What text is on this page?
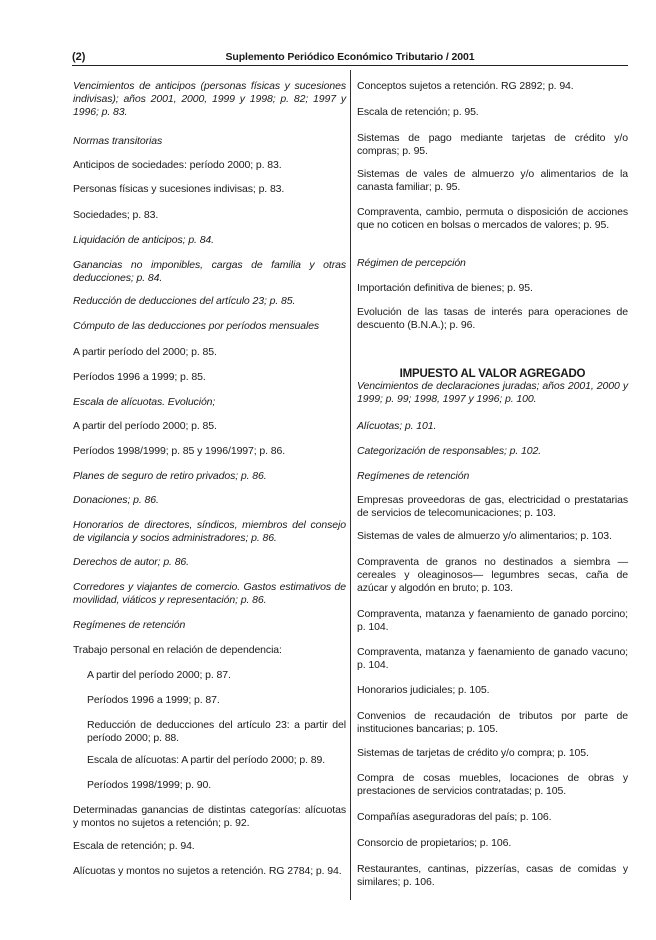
(2)	Suplemento Periódico Económico Tributario / 2001

Vencimientos de anticipos (personas físicas y sucesiones indivisas); años 2001, 2000, 1999 y 1998; p. 82; 1997 y 1996; p. 83.

Normas transitorias

Anticipos de sociedades: período 2000; p. 83.

Personas físicas y sucesiones indivisas; p. 83.

Sociedades; p. 83.

Liquidación de anticipos; p. 84.

Ganancias no imponibles, cargas de familia y otras deducciones; p. 84.

Reducción de deducciones del artículo 23; p. 85.

Cómputo de las deducciones por períodos mensuales

A partir período del 2000; p. 85.

Períodos 1996 a 1999; p. 85.

Escala de alícuotas. Evolución;

A partir del período 2000; p. 85.

Períodos 1998/1999; p. 85 y 1996/1997; p. 86.

Planes de seguro de retiro privados; p. 86.

Donaciones; p. 86.

Honorarios de directores, síndicos, miembros del consejo de vigilancia y socios administradores; p. 86.

Derechos de autor; p. 86.

Corredores y viajantes de comercio. Gastos estimativos de movilidad, viáticos y representación; p. 86.

Regímenes de retención

Trabajo personal en relación de dependencia:

A partir del período 2000; p. 87.

Períodos 1996 a 1999; p. 87.

Reducción de deducciones del artículo 23: a partir del período 2000; p. 88.

Escala de alícuotas: A partir del período 2000; p. 89.

Períodos 1998/1999; p. 90.

Determinadas ganancias de distintas categorías: alícuotas y montos no sujetos a retención; p. 92.

Escala de retención; p. 94.

Alícuotas y montos no sujetos a retención. RG 2784; p. 94.

Conceptos sujetos a retención. RG 2892; p. 94.

Escala de retención; p. 95.

Sistemas de pago mediante tarjetas de crédito y/o compras; p. 95.

Sistemas de vales de almuerzo y/o alimentarios de la canasta familiar; p. 95.

Compraventa, cambio, permuta o disposición de acciones que no coticen en bolsas o mercados de valores; p. 95.

Régimen de percepción

Importación definitiva de bienes; p. 95.

Evolución de las tasas de interés para operaciones de descuento (B.N.A.); p. 96.

IMPUESTO AL VALOR AGREGADO

Vencimientos de declaraciones juradas; años 2001, 2000 y 1999; p. 99; 1998, 1997 y 1996; p. 100.

Alícuotas; p. 101.

Categorización de responsables; p. 102.

Regímenes de retención

Empresas proveedoras de gas, electricidad o prestatarias de servicios de telecomunicaciones; p. 103.

Sistemas de vales de almuerzo y/o alimentarios; p. 103.

Compraventa de granos no destinados a siembra —cereales y oleaginosos— legumbres secas, caña de azúcar y algodón en bruto; p. 103.

Compraventa, matanza y faenamiento de ganado porcino; p. 104.

Compraventa, matanza y faenamiento de ganado vacuno; p. 104.

Honorarios judiciales; p. 105.

Convenios de recaudación de tributos por parte de instituciones bancarias; p. 105.

Sistemas de tarjetas de crédito y/o compra; p. 105.

Compra de cosas muebles, locaciones de obras y prestaciones de servicios contratadas; p. 105.

Compañías aseguradoras del país; p. 106.

Consorcio de propietarios; p. 106.

Restaurantes, cantinas, pizzerías, casas de comidas y similares; p. 106.
